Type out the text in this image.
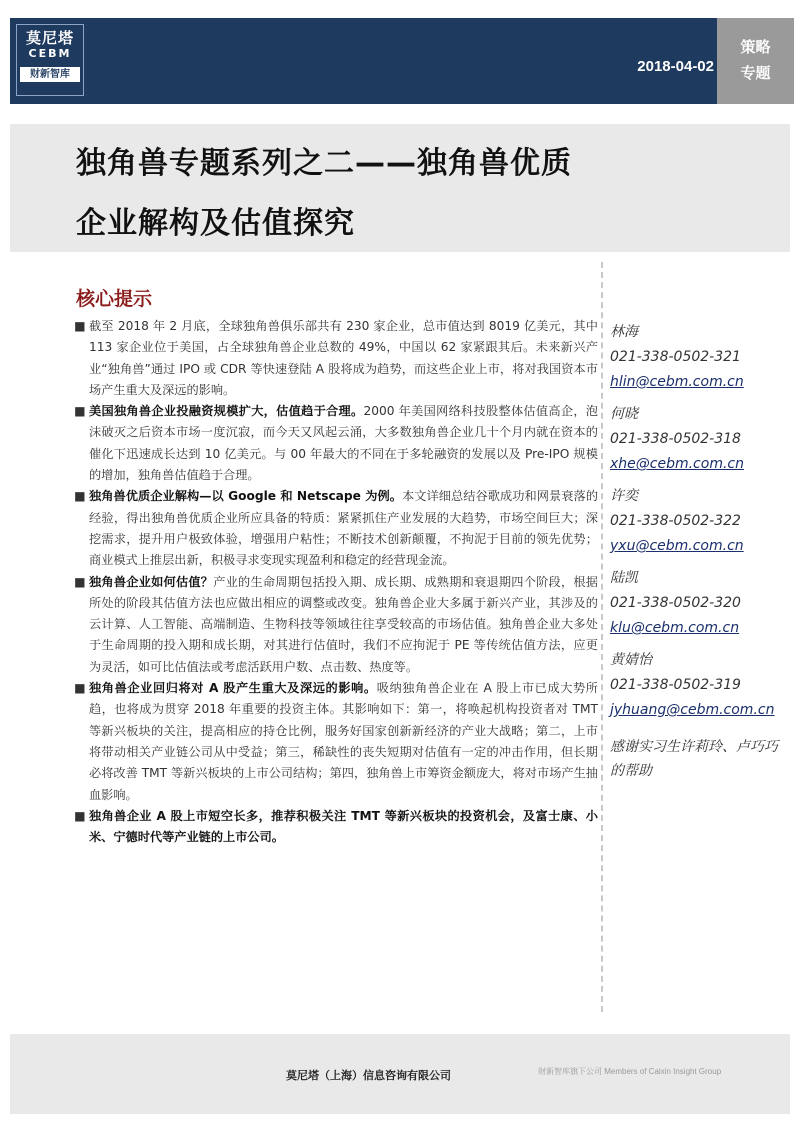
莫尼塔
CEBM
财新智库	2018-04-02
策略
专题
独角兽专题系列之二——独角兽优质
企业解构及估值探究
核心提示
■ 截至 2018 年 2 月底，全球独角兽俱乐部共有 230 家企业，总市值达到 8019 亿美元，其中 113 家企业位于美国，占全球独角兽企业总数的 49%，中国以 62 家紧跟其后。未来新兴产业“独角兽”通过 IPO 或 CDR 等快速登陆 A 股将成为趋势，而这些企业上市，将对我国资本市场产生重大及深远的影响。
■ 美国独角兽企业投融资规模扩大，估值趋于合理。2000 年美国网络科技股整体估值高企，泡沫破灭之后资本市场一度沉寂，而今天又风起云涌，大多数独角兽企业几十个月内就在资本的催化下迅速成长达到 10 亿美元。与 00 年最大的不同在于多轮融资的发展以及 Pre-IPO 规模的增加，独角兽估值趋于合理。
■ 独角兽优质企业解构—以 Google 和 Netscape 为例。本文详细总结谷歌成功和网景衰落的经验，得出独角兽优质企业所应具备的特质：紧紧抓住产业发展的大趋势，市场空间巨大；深挖需求，提升用户极致体验，增强用户粘性；不断技术创新颠覆，不拘泥于目前的领先优势；商业模式上推层出新，积极寻求变现实现盈利和稳定的经营现金流。
■ 独角兽企业如何估值？产业的生命周期包括投入期、成长期、成熟期和衰退期四个阶段，根据所处的阶段其估值方法也应做出相应的调整或改变。独角兽企业大多属于新兴产业，其涉及的云计算、人工智能、高端制造、生物科技等领域往往享受较高的市场估值。独角兽企业大多处于生命周期的投入期和成长期，对其进行估值时，我们不应拘泥于 PE 等传统估值方法，应更为灵活，如可比估值法或考虑活跃用户数、点击数、热度等。
■ 独角兽企业回归将对 A 股产生重大及深远的影响。吸纳独角兽企业在 A 股上市已成大势所趋，也将成为贯穿 2018 年重要的投资主体。其影响如下：第一，将唤起机构投资者对 TMT 等新兴板块的关注，提高相应的持仓比例，服务好国家创新新经济的产业大战略；第二，上市将带动相关产业链公司从中受益；第三，稀缺性的丧失短期对估值有一定的冲击作用，但长期必将改善 TMT 等新兴板块的上市公司结构；第四，独角兽上市筹资金额庞大，将对市场产生抽血影响。
■ 独角兽企业 A 股上市短空长多，推荐积极关注 TMT 等新兴板块的投资机会，及富士康、小米、宁德时代等产业链的上市公司。
林海
021-338-0502-321
hlin@cebm.com.cn
何晓
021-338-0502-318
xhe@cebm.com.cn
许奕
021-338-0502-322
yxu@cebm.com.cn
陆凯
021-338-0502-320
klu@cebm.com.cn
黄婧怡
021-338-0502-319
jyhuang@cebm.com.cn
感谢实习生许莉玲、卢巧巧的帮助
莫尼塔（上海）信息咨询有限公司	财新智库旗下公司 Members of Caixin Insight Group
